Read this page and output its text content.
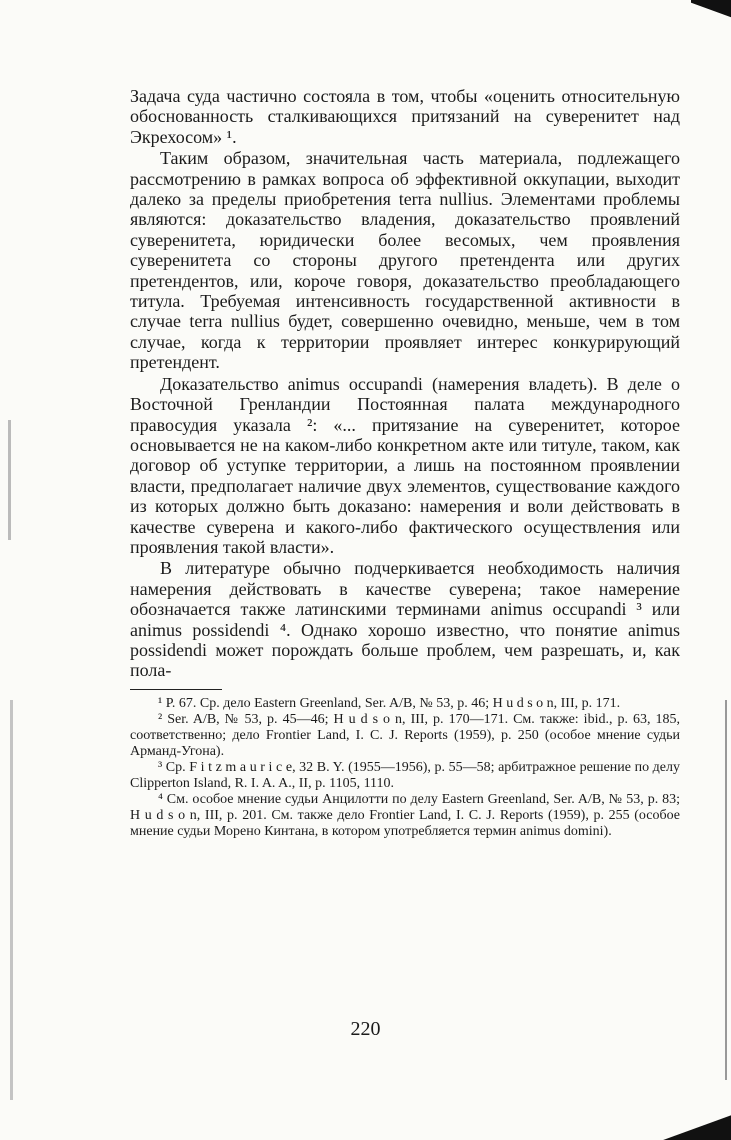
Задача суда частично состояла в том, чтобы «оценить относительную обоснованность сталкивающихся притязаний на суверенитет над Экрехосом» ¹.

Таким образом, значительная часть материала, подлежащего рассмотрению в рамках вопроса об эффективной оккупации, выходит далеко за пределы приобретения terra nullius. Элементами проблемы являются: доказательство владения, доказательство проявлений суверенитета, юридически более весомых, чем проявления суверенитета со стороны другого претендента или других претендентов, или, короче говоря, доказательство преобладающего титула. Требуемая интенсивность государственной активности в случае terra nullius будет, совершенно очевидно, меньше, чем в том случае, когда к территории проявляет интерес конкурирующий претендент.

Доказательство animus occupandi (намерения владеть). В деле о Восточной Гренландии Постоянная палата международного правосудия указала ²: «... притязание на суверенитет, которое основывается не на каком-либо конкретном акте или титуле, таком, как договор об уступке территории, а лишь на постоянном проявлении власти, предполагает наличие двух элементов, существование каждого из которых должно быть доказано: намерения и воли действовать в качестве суверена и какого-либо фактического осуществления или проявления такой власти».

В литературе обычно подчеркивается необходимость наличия намерения действовать в качестве суверена; такое намерение обозначается также латинскими терминами animus occupandi ³ или animus possidendi ⁴. Однако хорошо известно, что понятие animus possidendi может порождать больше проблем, чем разрешать, и, как пола-

¹ P. 67. Ср. дело Eastern Greenland, Ser. A/B, № 53, p. 46; H u d s o n, III, p. 171.

² Ser. A/B, № 53, p. 45—46; H u d s o n, III, p. 170—171. См. также: ibid., p. 63, 185, соответственно; дело Frontier Land, I. C. J. Reports (1959), p. 250 (особое мнение судьи Арманд-Угона).

³ Ср. F i t z m a u r i c e, 32 B. Y. (1955—1956), p. 55—58; арбитражное решение по делу Clipperton Island, R. I. A. A., II, p. 1105, 1110.

⁴ См. особое мнение судьи Анцилотти по делу Eastern Greenland, Ser. A/B, № 53, p. 83; H u d s o n, III, p. 201. См. также дело Frontier Land, I. C. J. Reports (1959), p. 255 (особое мнение судьи Морено Кинтана, в котором употребляется термин animus domini).

220
